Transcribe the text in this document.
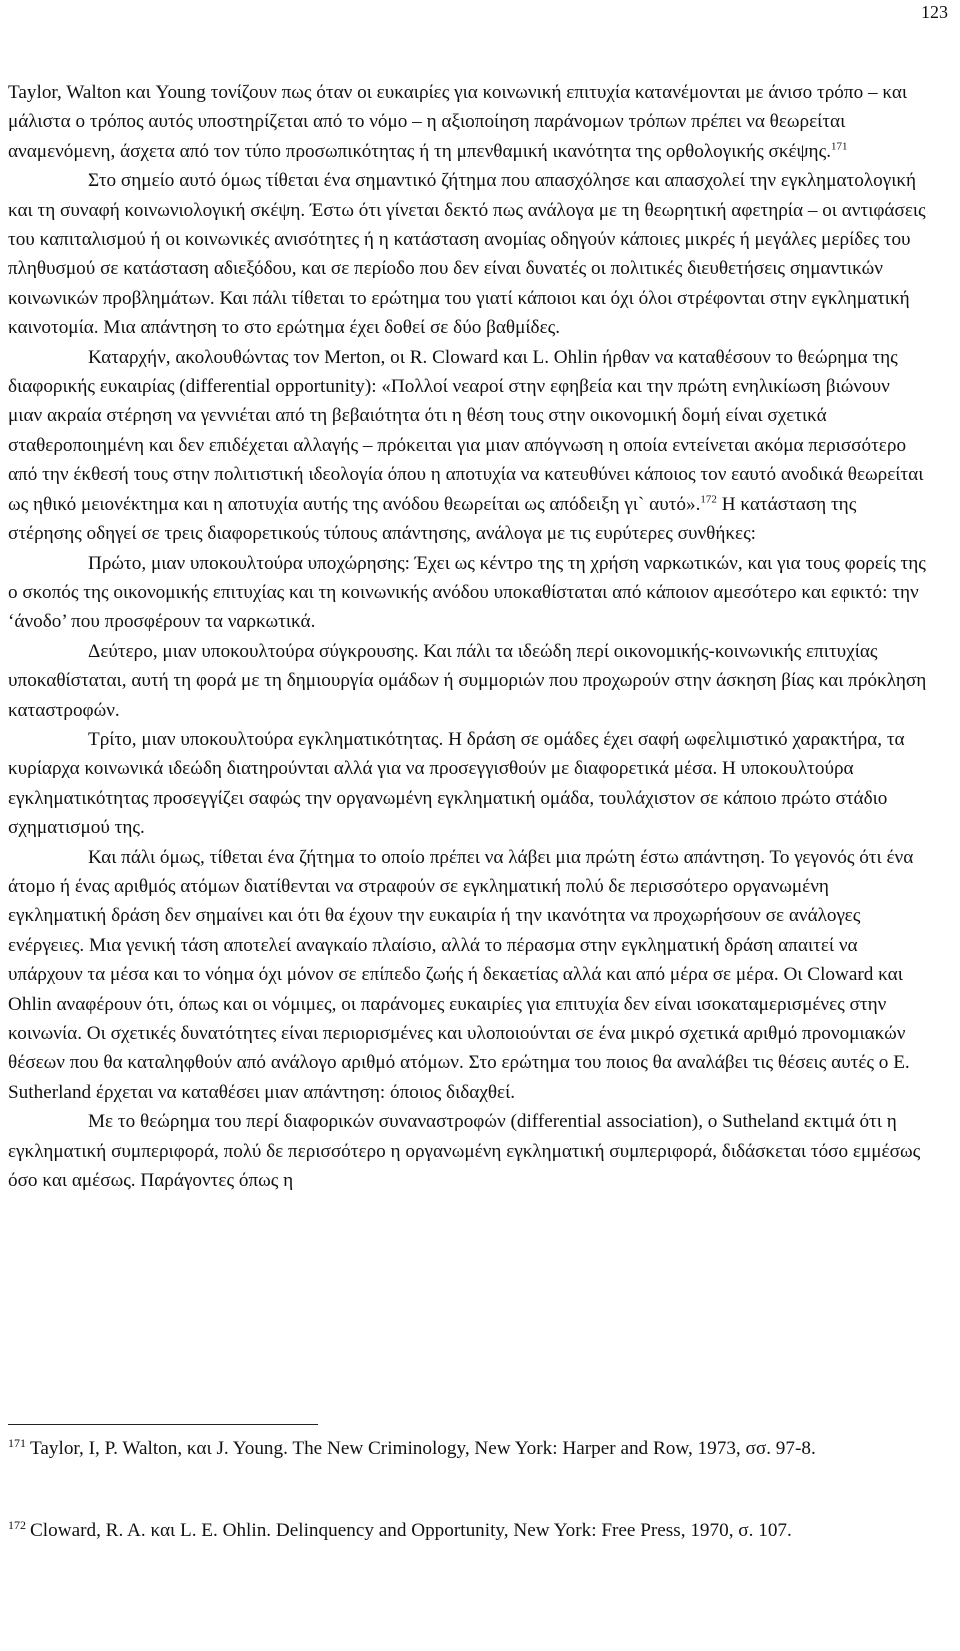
123

Taylor, Walton και Young τονίζουν πως όταν οι ευκαιρίες για κοινωνική επιτυχία κατανέμονται με άνισο τρόπο – και μάλιστα ο τρόπος αυτός υποστηρίζεται από το νόμο – η αξιοποίηση παράνομων τρόπων πρέπει να θεωρείται αναμενόμενη, άσχετα από τον τύπο προσωπικότητας ή τη μπενθαμική ικανότητα της ορθολογικής σκέψης.$^{171}$

Στο σημείο αυτό όμως τίθεται ένα σημαντικό ζήτημα που απασχόλησε και απασχολεί την εγκληματολογική και τη συναφή κοινωνιολογική σκέψη. Έστω ότι γίνεται δεκτό πως ανάλογα με τη θεωρητική αφετηρία – οι αντιφάσεις του καπιταλισμού ή οι κοινωνικές ανισότητες ή η κατάσταση ανομίας οδηγούν κάποιες μικρές ή μεγάλες μερίδες του πληθυσμού σε κατάσταση αδιεξόδου, και σε περίοδο που δεν είναι δυνατές οι πολιτικές διευθετήσεις σημαντικών κοινωνικών προβλημάτων. Και πάλι τίθεται το ερώτημα του γιατί κάποιοι και όχι όλοι στρέφονται στην εγκληματική καινοτομία. Μια απάντηση το στο ερώτημα έχει δοθεί σε δύο βαθμίδες.

Καταρχήν, ακολουθώντας τον Merton, οι R. Cloward και L. Ohlin ήρθαν να καταθέσουν το θεώρημα της διαφορικής ευκαιρίας (differential opportunity): «Πολλοί νεαροί στην εφηβεία και την πρώτη ενηλικίωση βιώνουν μιαν ακραία στέρηση να γεννιέται από τη βεβαιότητα ότι η θέση τους στην οικονομική δομή είναι σχετικά σταθεροποιημένη και δεν επιδέχεται αλλαγής – πρόκειται για μιαν απόγνωση η οποία εντείνεται ακόμα περισσότερο από την έκθεσή τους στην πολιτιστική ιδεολογία όπου η αποτυχία να κατευθύνει κάποιος τον εαυτό ανοδικά θεωρείται ως ηθικό μειονέκτημα και η αποτυχία αυτής της ανόδου θεωρείται ως απόδειξη γι` αυτό».$^{172}$ Η κατάσταση της στέρησης οδηγεί σε τρεις διαφορετικούς τύπους απάντησης, ανάλογα με τις ευρύτερες συνθήκες:

Πρώτο, μιαν υποκουλτούρα υποχώρησης: Έχει ως κέντρο της τη χρήση ναρκωτικών, και για τους φορείς της ο σκοπός της οικονομικής επιτυχίας και τη κοινωνικής ανόδου υποκαθίσταται από κάποιον αμεσότερο και εφικτό: την ‘άνοδο’ που προσφέρουν τα ναρκωτικά.

Δεύτερο, μιαν υποκουλτούρα σύγκρουσης. Και πάλι τα ιδεώδη περί οικονομικής-κοινωνικής επιτυχίας υποκαθίσταται, αυτή τη φορά με τη δημιουργία ομάδων ή συμμοριών που προχωρούν στην άσκηση βίας και πρόκληση καταστροφών.

Τρίτο, μιαν υποκουλτούρα εγκληματικότητας. Η δράση σε ομάδες έχει σαφή ωφελιμιστικό χαρακτήρα, τα κυρίαρχα κοινωνικά ιδεώδη διατηρούνται αλλά για να προσεγγισθούν με διαφορετικά μέσα. Η υποκουλτούρα εγκληματικότητας προσεγγίζει σαφώς την οργανωμένη εγκληματική ομάδα, τουλάχιστον σε κάποιο πρώτο στάδιο σχηματισμού της.

Και πάλι όμως, τίθεται ένα ζήτημα το οποίο πρέπει να λάβει μια πρώτη έστω απάντηση. Το γεγονός ότι ένα άτομο ή ένας αριθμός ατόμων διατίθενται να στραφούν σε εγκληματική πολύ δε περισσότερο οργανωμένη εγκληματική δράση δεν σημαίνει και ότι θα έχουν την ευκαιρία ή την ικανότητα να προχωρήσουν σε ανάλογες ενέργειες. Μια γενική τάση αποτελεί αναγκαίο πλαίσιο, αλλά το πέρασμα στην εγκληματική δράση απαιτεί να υπάρχουν τα μέσα και το νόημα όχι μόνον σε επίπεδο ζωής ή δεκαετίας αλλά και από μέρα σε μέρα. Οι Cloward και Ohlin αναφέρουν ότι, όπως και οι νόμιμες, οι παράνομες ευκαιρίες για επιτυχία δεν είναι ισοκαταμερισμένες στην κοινωνία. Οι σχετικές δυνατότητες είναι περιορισμένες και υλοποιούνται σε ένα μικρό σχετικά αριθμό προνομιακών θέσεων που θα καταληφθούν από ανάλογο αριθμό ατόμων. Στο ερώτημα του ποιος θα αναλάβει τις θέσεις αυτές ο E. Sutherland έρχεται να καταθέσει μιαν απάντηση: όποιος διδαχθεί.

Με το θεώρημα του περί διαφορικών συναναστροφών (differential association), ο Sutheland εκτιμά ότι η εγκληματική συμπεριφορά, πολύ δε περισσότερο η οργανωμένη εγκληματική συμπεριφορά, διδάσκεται τόσο εμμέσως όσο και αμέσως. Παράγοντες όπως η

$^{171}$ Taylor, I, P. Walton, και J. Young. The New Criminology, New York: Harper and Row, 1973, σσ. 97-8.
$^{172}$ Cloward, R. A. και L. E. Ohlin. Delinquency and Opportunity, New York: Free Press, 1970, σ. 107.
